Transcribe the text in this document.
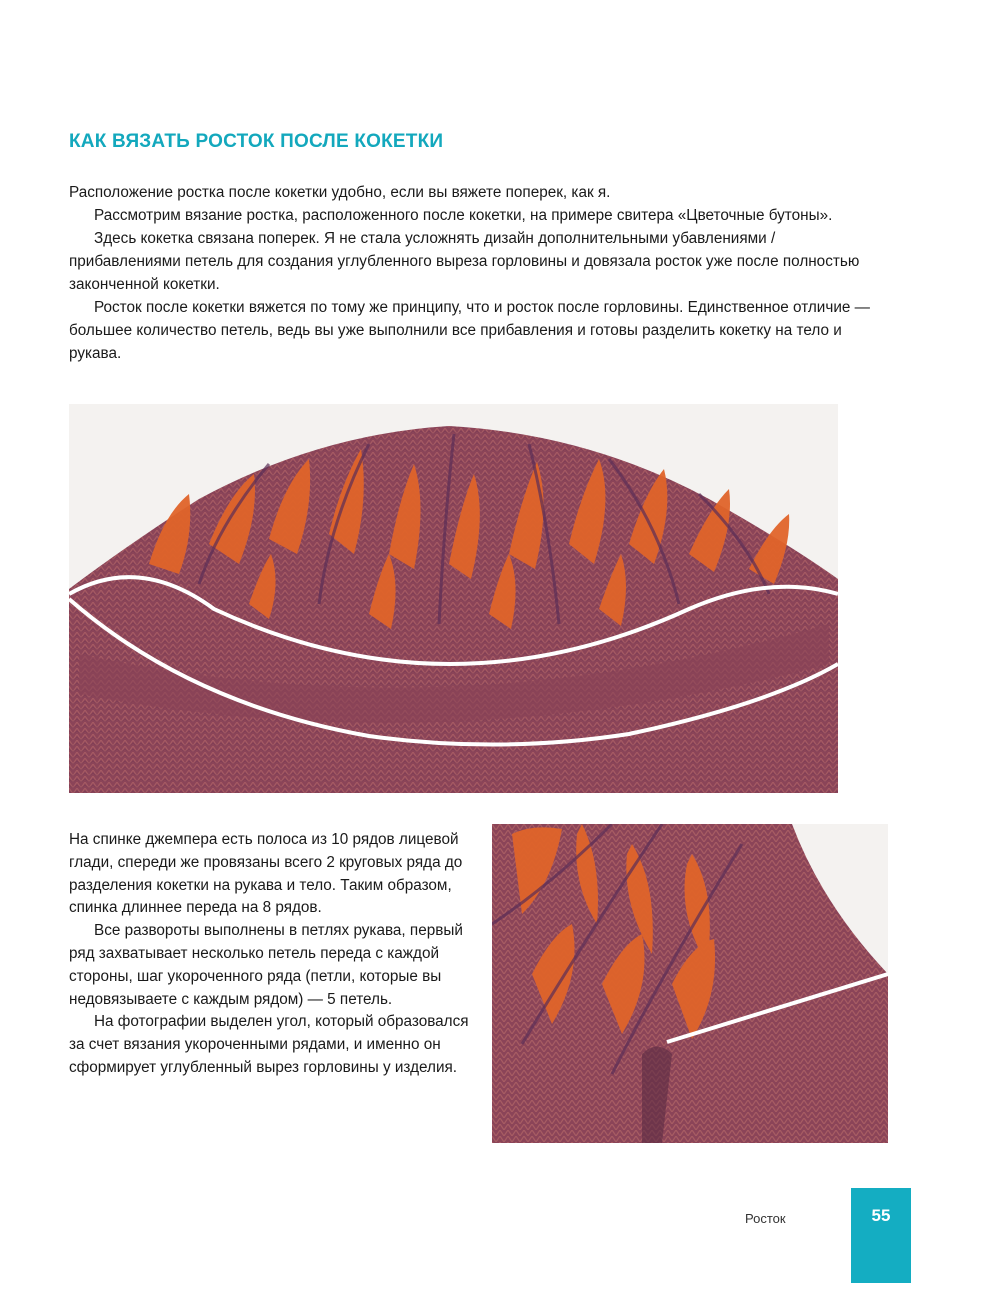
КАК ВЯЗАТЬ РОСТОК ПОСЛЕ КОКЕТКИ

Расположение ростка после кокетки удобно, если вы вяжете поперек, как я.

Рассмотрим вязание ростка, расположенного после кокетки, на примере свитера «Цветочные бутоны».

Здесь кокетка связана поперек. Я не стала усложнять дизайн дополнительными убавлениями / прибавлениями петель для создания углубленного выреза горловины и довязала росток уже после полностью законченной кокетки.

Росток после кокетки вяжется по тому же принципу, что и росток после горловины. Единственное отличие — большее количество петель, ведь вы уже выполнили все прибавления и готовы разделить кокетку на тело и рукава.

На спинке джемпера есть полоса из 10 рядов лицевой глади, спереди же провязаны всего 2 круговых ряда до разделения кокетки на рукава и тело. Таким образом, спинка длиннее переда на 8 рядов.

Все развороты выполнены в петлях рукава, первый ряд захватывает несколько петель переда с каждой стороны, шаг укороченного ряда (петли, которые вы недовязываете с каждым рядом) — 5 петель.

На фотографии выделен угол, который образовался за счет вязания укороченными рядами, и именно он сформирует углубленный вырез горловины у изделия.

Росток	55
